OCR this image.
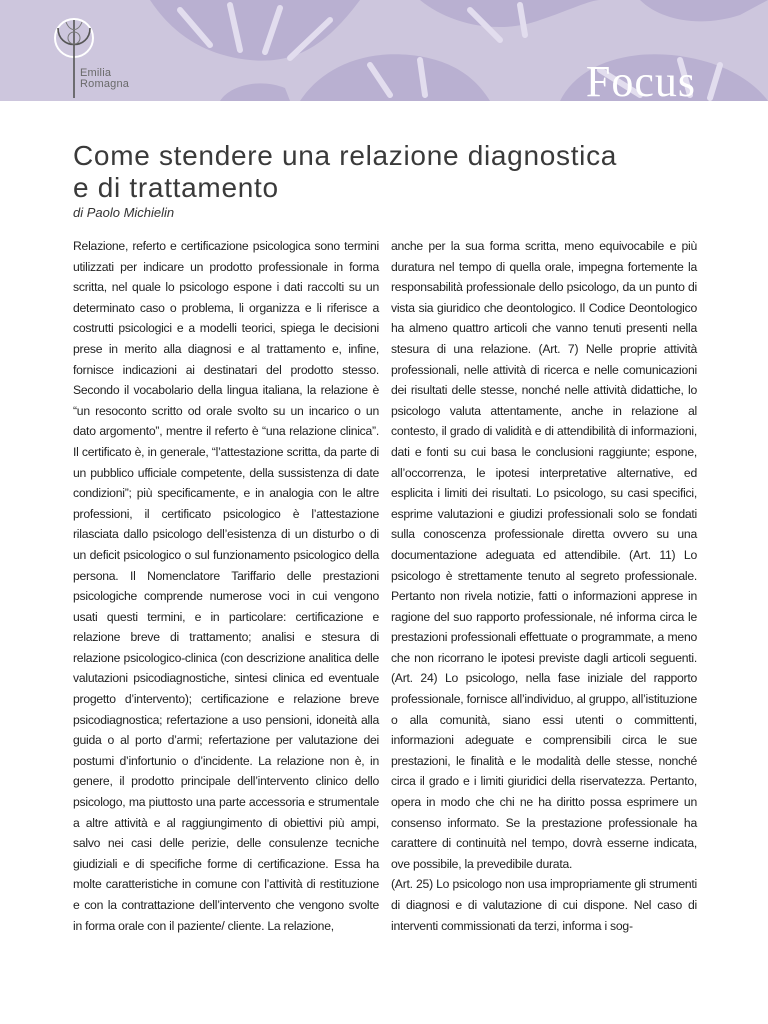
Emilia
Romagna	Focus
Come stendere una relazione diagnostica
e di trattamento
di Paolo Michielin

Relazione, referto e certificazione psicologica sono termini utilizzati per indicare un prodotto professionale in forma scritta, nel quale lo psicologo espone i dati raccolti su un determinato caso o problema, li organizza e li riferisce a costrutti psicologici e a modelli teorici, spiega le decisioni prese in merito alla diagnosi e al trattamento e, infine, fornisce indicazioni ai destinatari del prodotto stesso. Secondo il vocabolario della lingua italiana, la relazione è “un resoconto scritto od orale svolto su un incarico o un dato argomento”, mentre il referto è “una relazione clinica”. Il certificato è, in generale, “l’attestazione scritta, da parte di un pubblico ufficiale competente, della sussistenza di date condizioni”; più specificamente, e in analogia con le altre professioni, il certificato psicologico è l’attestazione rilasciata dallo psicologo dell’esistenza di un disturbo o di un deficit psicologico o sul funzionamento psicologico della persona. Il Nomenclatore Tariffario delle prestazioni psicologiche comprende numerose voci in cui vengono usati questi termini, e in particolare: certificazione e relazione breve di trattamento; analisi e stesura di relazione psicologico-clinica (con descrizione analitica delle valutazioni psicodiagnostiche, sintesi clinica ed eventuale progetto d’intervento); certificazione e relazione breve psicodiagnostica; refertazione a uso pensioni, idoneità alla guida o al porto d’armi; refertazione per valutazione dei postumi d’infortunio o d’incidente. La relazione non è, in genere, il prodotto principale dell’intervento clinico dello psicologo, ma piuttosto una parte accessoria e strumentale a altre attività e al raggiungimento di obiettivi più ampi, salvo nei casi delle perizie, delle consulenze tecniche giudiziali e di specifiche forme di certificazione. Essa ha molte caratteristiche in comune con l’attività di restituzione e con la contrattazione dell’intervento che vengono svolte in forma orale con il paziente/ cliente. La relazione,

anche per la sua forma scritta, meno equivocabile e più duratura nel tempo di quella orale, impegna fortemente la responsabilità professionale dello psicologo, da un punto di vista sia giuridico che deontologico. Il Codice Deontologico ha almeno quattro articoli che vanno tenuti presenti nella stesura di una relazione. (Art. 7) Nelle proprie attività professionali, nelle attività di ricerca e nelle comunicazioni dei risultati delle stesse, nonché nelle attività didattiche, lo psicologo valuta attentamente, anche in relazione al contesto, il grado di validità e di attendibilità di informazioni, dati e fonti su cui basa le conclusioni raggiunte; espone, all’occorrenza, le ipotesi interpretative alternative, ed esplicita i limiti dei risultati. Lo psicologo, su casi specifici, esprime valutazioni e giudizi professionali solo se fondati sulla conoscenza professionale diretta ovvero su una documentazione adeguata ed attendibile. (Art. 11) Lo psicologo è strettamente tenuto al segreto professionale. Pertanto non rivela notizie, fatti o informazioni apprese in ragione del suo rapporto professionale, né informa circa le prestazioni professionali effettuate o programmate, a meno che non ricorrano le ipotesi previste dagli articoli seguenti. (Art. 24) Lo psicologo, nella fase iniziale del rapporto professionale, fornisce all’individuo, al gruppo, all’istituzione o alla comunità, siano essi utenti o committenti, informazioni adeguate e comprensibili circa le sue prestazioni, le finalità e le modalità delle stesse, nonché circa il grado e i limiti giuridici della riservatezza. Pertanto, opera in modo che chi ne ha diritto possa esprimere un consenso informato. Se la prestazione professionale ha carattere di continuità nel tempo, dovrà esserne indicata, ove possibile, la prevedibile durata.

(Art. 25) Lo psicologo non usa impropriamente gli strumenti di diagnosi e di valutazione di cui dispone. Nel caso di interventi commissionati da terzi, informa i sog-
